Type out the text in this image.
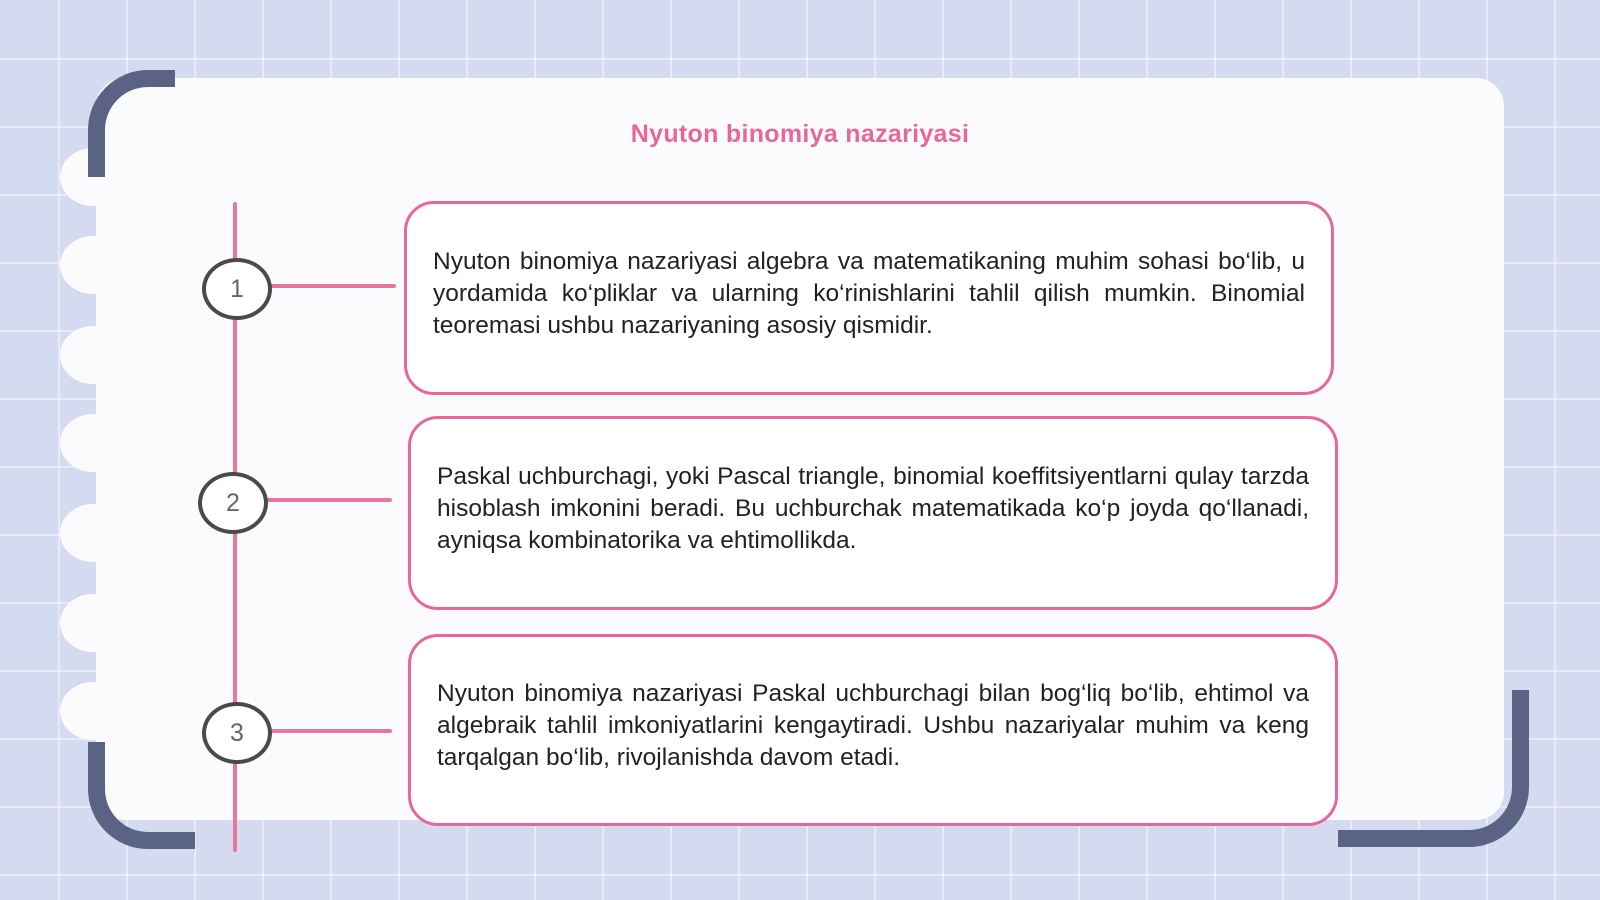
Nyuton binomiya nazariyasi
1
Nyuton binomiya nazariyasi algebra va matematikaning muhim sohasi bo‘lib, u yordamida ko‘pliklar va ularning ko‘rinishlarini tahlil qilish mumkin. Binomial teoremasi ushbu nazariyaning asosiy qismidir.
2
Paskal uchburchagi, yoki Pascal triangle, binomial koeffitsiyentlarni qulay tarzda hisoblash imkonini beradi. Bu uchburchak matematikada ko‘p joyda qo‘llanadi, ayniqsa kombinatorika va ehtimollikda.
3
Nyuton binomiya nazariyasi Paskal uchburchagi bilan bog‘liq bo‘lib, ehtimol va algebraik tahlil imkoniyatlarini kengaytiradi. Ushbu nazariyalar muhim va keng tarqalgan bo‘lib, rivojlanishda davom etadi.
